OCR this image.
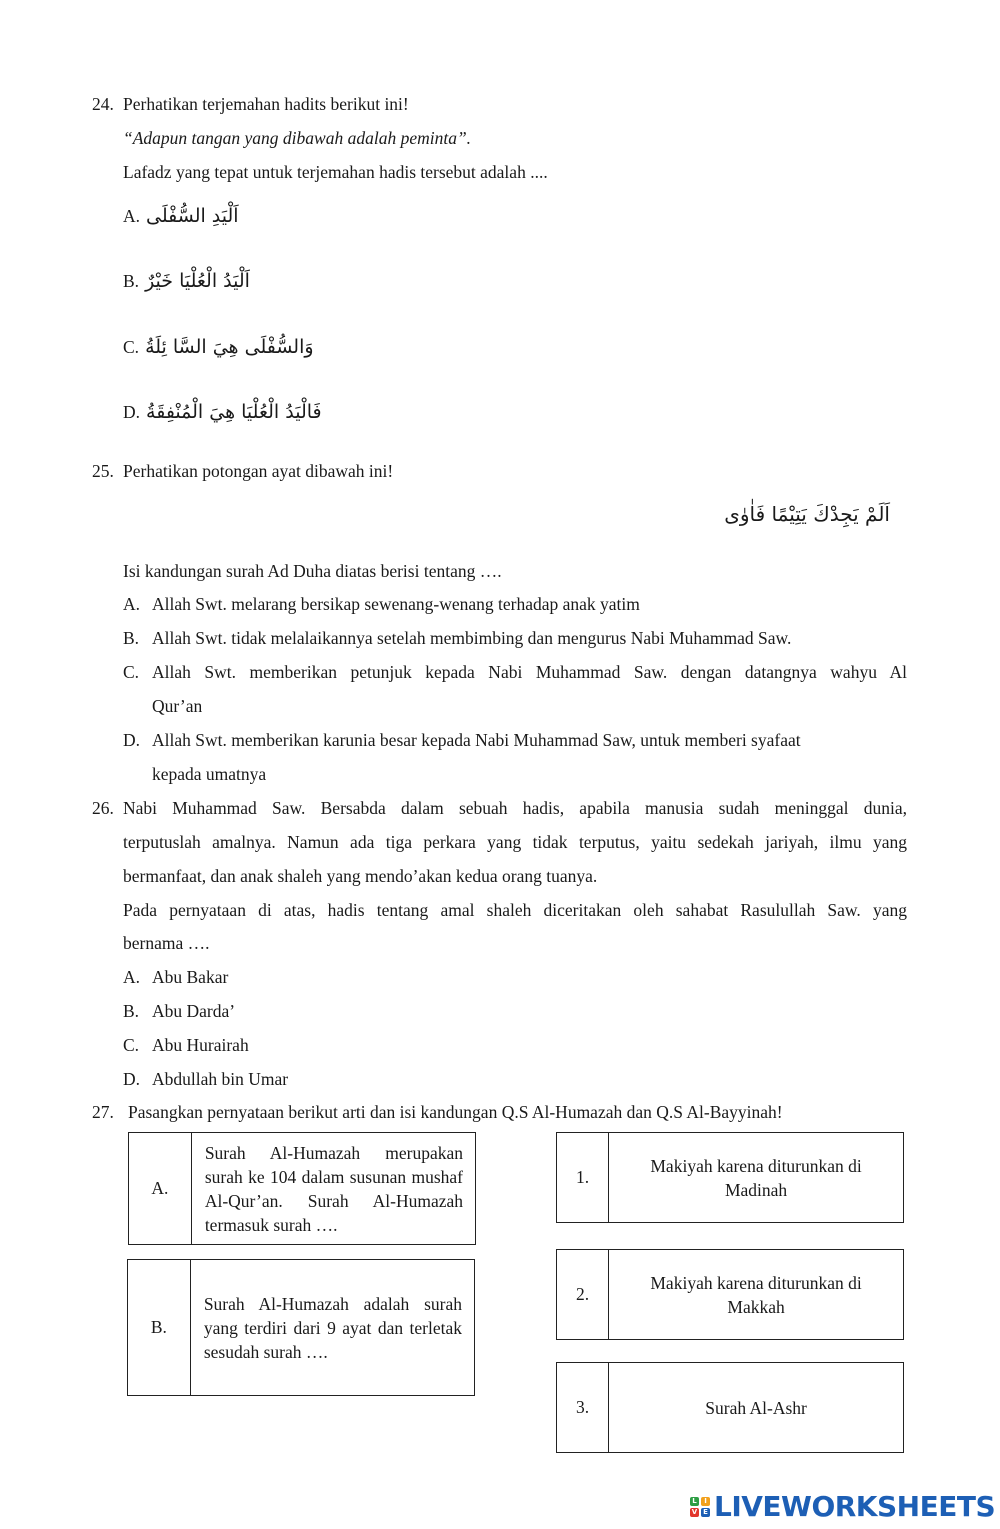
24. Perhatikan terjemahan hadits berikut ini!
“Adapun tangan yang dibawah adalah peminta”.
Lafadz yang tepat untuk terjemahan hadis tersebut adalah ....
A. اَلْيَدِ السُّفْلَى
B. اَلْيَدُ الْعُلْيَا خَيْرٌ
C. وَالسُّفْلَى هِيَ السَّا ئِلَةُ
D. فَالْيَدُ الْعُلْيَا هِيَ الْمُنْفِقَةُ
25. Perhatikan potongan ayat dibawah ini!
اَلَمْ يَجِدْكَ يَتِيْمًا فَاٰوٰى
Isi kandungan surah Ad Duha diatas berisi tentang ….
A. Allah Swt. melarang bersikap sewenang-wenang terhadap anak yatim
B. Allah Swt. tidak melalaikannya setelah membimbing dan mengurus Nabi Muhammad Saw.
C. Allah Swt. memberikan petunjuk kepada Nabi Muhammad Saw. dengan datangnya wahyu Al
Qur’an
D. Allah Swt. memberikan karunia besar kepada Nabi Muhammad Saw, untuk memberi syafaat
kepada umatnya
26. Nabi Muhammad Saw. Bersabda dalam sebuah hadis, apabila manusia sudah meninggal dunia,
terputuslah amalnya. Namun ada tiga perkara yang tidak terputus, yaitu sedekah jariyah, ilmu yang
bermanfaat, dan anak shaleh yang mendo’akan kedua orang tuanya.
Pada pernyataan di atas, hadis tentang amal shaleh diceritakan oleh sahabat Rasulullah Saw. yang
bernama ….
A. Abu Bakar
B. Abu Darda’
C. Abu Hurairah
D. Abdullah bin Umar
27. Pasangkan pernyataan berikut arti dan isi kandungan Q.S Al-Humazah dan Q.S Al-Bayyinah!
A.
Surah Al-Humazah merupakan surah ke 104 dalam susunan mushaf Al-Qur’an. Surah Al-Humazah termasuk surah ….
B.
Surah Al-Humazah adalah surah yang terdiri dari 9 ayat dan terletak sesudah surah ….
1.
Makiyah karena diturunkan di Madinah
2.
Makiyah karena diturunkan di Makkah
3.	Surah Al-Ashr
L	I
V E LIVEWORKSHEETS
